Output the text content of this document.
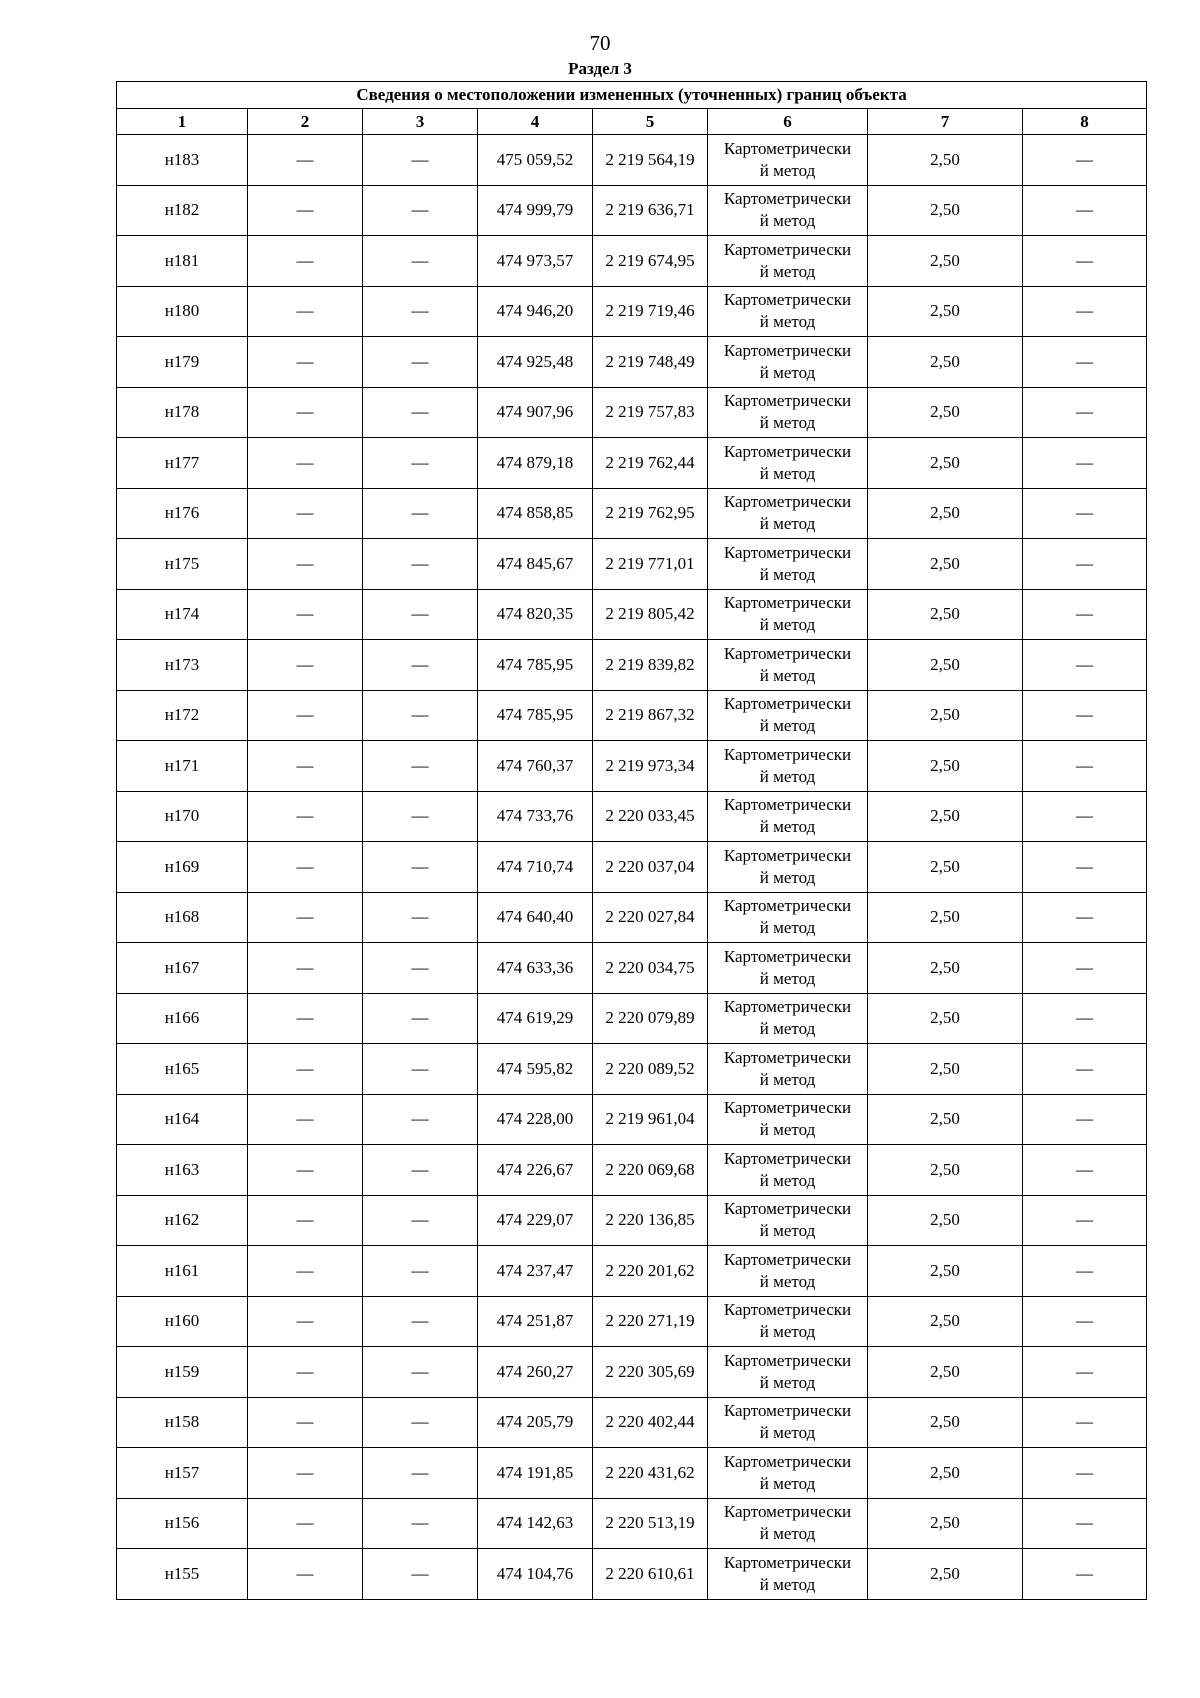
70
Раздел 3
Сведения о местоположении измененных (уточненных) границ объекта							
1	2	3	4	5	6	7	8
н183	—	—	475 059,52	2 219 564,19	Картометрически
й метод	2,50	—
н182	—	—	474 999,79	2 219 636,71	Картометрически
й метод	2,50	—
н181	—	—	474 973,57	2 219 674,95	Картометрически
й метод	2,50	—
н180	—	—	474 946,20	2 219 719,46	Картометрически
й метод	2,50	—
н179	—	—	474 925,48	2 219 748,49	Картометрически
й метод	2,50	—
н178	—	—	474 907,96	2 219 757,83	Картометрически
й метод	2,50	—
н177	—	—	474 879,18	2 219 762,44	Картометрически
й метод	2,50	—
н176	—	—	474 858,85	2 219 762,95	Картометрически
й метод	2,50	—
н175	—	—	474 845,67	2 219 771,01	Картометрически
й метод	2,50	—
н174	—	—	474 820,35	2 219 805,42	Картометрически
й метод	2,50	—
н173	—	—	474 785,95	2 219 839,82	Картометрически
й метод	2,50	—
н172	—	—	474 785,95	2 219 867,32	Картометрически
й метод	2,50	—
н171	—	—	474 760,37	2 219 973,34	Картометрически
й метод	2,50	—
н170	—	—	474 733,76	2 220 033,45	Картометрически
й метод	2,50	—
н169	—	—	474 710,74	2 220 037,04	Картометрически
й метод	2,50	—
н168	—	—	474 640,40	2 220 027,84	Картометрически
й метод	2,50	—
н167	—	—	474 633,36	2 220 034,75	Картометрически
й метод	2,50	—
н166	—	—	474 619,29	2 220 079,89	Картометрически
й метод	2,50	—
н165	—	—	474 595,82	2 220 089,52	Картометрически
й метод	2,50	—
н164	—	—	474 228,00	2 219 961,04	Картометрически
й метод	2,50	—
н163	—	—	474 226,67	2 220 069,68	Картометрически
й метод	2,50	—
н162	—	—	474 229,07	2 220 136,85	Картометрически
й метод	2,50	—
н161	—	—	474 237,47	2 220 201,62	Картометрически
й метод	2,50	—
н160	—	—	474 251,87	2 220 271,19	Картометрически
й метод	2,50	—
н159	—	—	474 260,27	2 220 305,69	Картометрически
й метод	2,50	—
н158	—	—	474 205,79	2 220 402,44	Картометрически
й метод	2,50	—
н157	—	—	474 191,85	2 220 431,62	Картометрически
й метод	2,50	—
н156	—	—	474 142,63	2 220 513,19	Картометрически
й метод	2,50	—
н155	—	—	474 104,76	2 220 610,61	Картометрически
й метод	2,50	—
